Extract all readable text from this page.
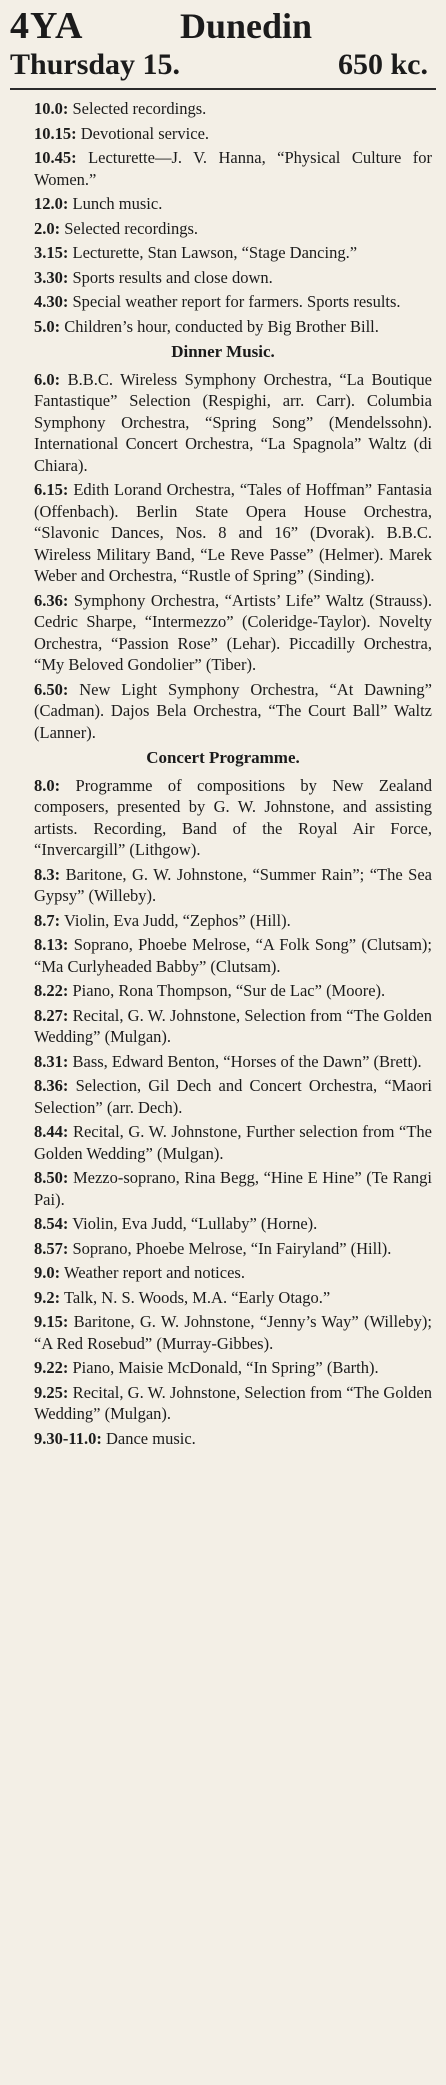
4YA	Dunedin
Thursday 15.	650 kc.
10.0: Selected recordings.
10.15: Devotional service.
10.45: Lecturette—J. V. Hanna, “Physical Culture for Women.”
12.0: Lunch music.
2.0: Selected recordings.
3.15: Lecturette, Stan Lawson, “Stage Dancing.”
3.30: Sports results and close down.
4.30: Special weather report for farmers. Sports results.
5.0: Children’s hour, conducted by Big Brother Bill.
Dinner Music.
6.0: B.B.C. Wireless Symphony Orchestra, “La Boutique Fantastique” Selection (Respighi, arr. Carr). Columbia Symphony Orchestra, “Spring Song” (Mendelssohn). International Concert Orchestra, “La Spagnola” Waltz (di Chiara).
6.15: Edith Lorand Orchestra, “Tales of Hoffman” Fantasia (Offenbach). Berlin State Opera House Orchestra, “Slavonic Dances, Nos. 8 and 16” (Dvorak). B.B.C. Wireless Military Band, “Le Reve Passe” (Helmer). Marek Weber and Orchestra, “Rustle of Spring” (Sinding).
6.36: Symphony Orchestra, “Artists’ Life” Waltz (Strauss). Cedric Sharpe, “Intermezzo” (Coleridge-Taylor). Novelty Orchestra, “Passion Rose” (Lehar). Piccadilly Orchestra, “My Beloved Gondolier” (Tiber).
6.50: New Light Symphony Orchestra, “At Dawning” (Cadman). Dajos Bela Orchestra, “The Court Ball” Waltz (Lanner).
Concert Programme.
8.0: Programme of compositions by New Zealand composers, presented by G. W. Johnstone, and assisting artists. Recording, Band of the Royal Air Force, “Invercargill” (Lithgow).
8.3: Baritone, G. W. Johnstone, “Summer Rain”; “The Sea Gypsy” (Willeby).
8.7: Violin, Eva Judd, “Zephos” (Hill).
8.13: Soprano, Phoebe Melrose, “A Folk Song” (Clutsam); “Ma Curlyheaded Babby” (Clutsam).
8.22: Piano, Rona Thompson, “Sur de Lac” (Moore).
8.27: Recital, G. W. Johnstone, Selection from “The Golden Wedding” (Mulgan).
8.31: Bass, Edward Benton, “Horses of the Dawn” (Brett).
8.36: Selection, Gil Dech and Concert Orchestra, “Maori Selection” (arr. Dech).
8.44: Recital, G. W. Johnstone, Further selection from “The Golden Wedding” (Mulgan).
8.50: Mezzo-soprano, Rina Begg, “Hine E Hine” (Te Rangi Pai).
8.54: Violin, Eva Judd, “Lullaby” (Horne).
8.57: Soprano, Phoebe Melrose, “In Fairyland” (Hill).
9.0: Weather report and notices.
9.2: Talk, N. S. Woods, M.A. “Early Otago.”
9.15: Baritone, G. W. Johnstone, “Jenny’s Way” (Willeby); “A Red Rosebud” (Murray-Gibbes).
9.22: Piano, Maisie McDonald, “In Spring” (Barth).
9.25: Recital, G. W. Johnstone, Selection from “The Golden Wedding” (Mulgan).
9.30-11.0: Dance music.
